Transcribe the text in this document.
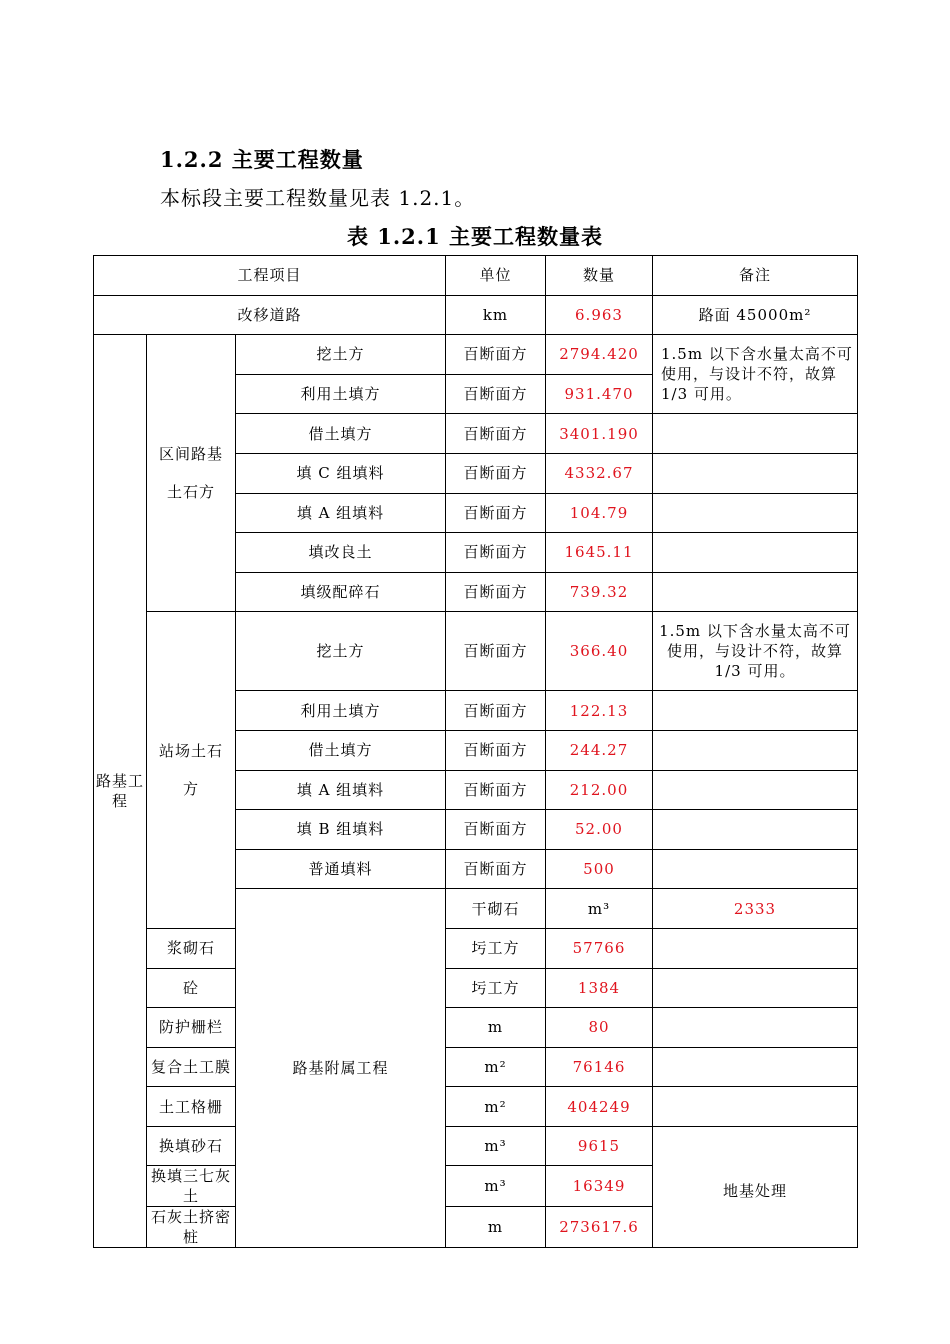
1.2.2 主要工程数量
本标段主要工程数量见表 1.2.1。
表 1.2.1 主要工程数量表
工程项目			单位	数量	备注	
改移道路			km	6.963	路面 45000m²	
路基工程	区间路基土石方	挖土方	百断面方	2794.420	1.5m 以下含水量太高不可使用，与设计不符，故算 1/3 可用。	
		利用土填方	百断面方	931.470		
		借土填方	百断面方	3401.190		
		填 C 组填料	百断面方	4332.67		
		填 A 组填料	百断面方	104.79		
		填改良土	百断面方	1645.11		
		填级配碎石	百断面方	739.32		
	站场土石方	挖土方	百断面方	366.40	1.5m 以下含水量太高不可使用，与设计不符，故算 1/3 可用。	
		利用土填方	百断面方	122.13		
		借土填方	百断面方	244.27		
		填 A 组填料	百断面方	212.00		
		填 B 组填料	百断面方	52.00		
		普通填料	百断面方	500		
		路基附属工程	干砌石	m³	2333	
	浆砌石		圬工方	57766		
	砼		圬工方	1384		
	防护栅栏		m	80		
	复合土工膜		m²	76146		
	土工格栅		m²	404249		
	换填砂石		m³	9615	地基处理	
	换填三七灰土		m³	16349		
	石灰土挤密桩		m	273617.6		
